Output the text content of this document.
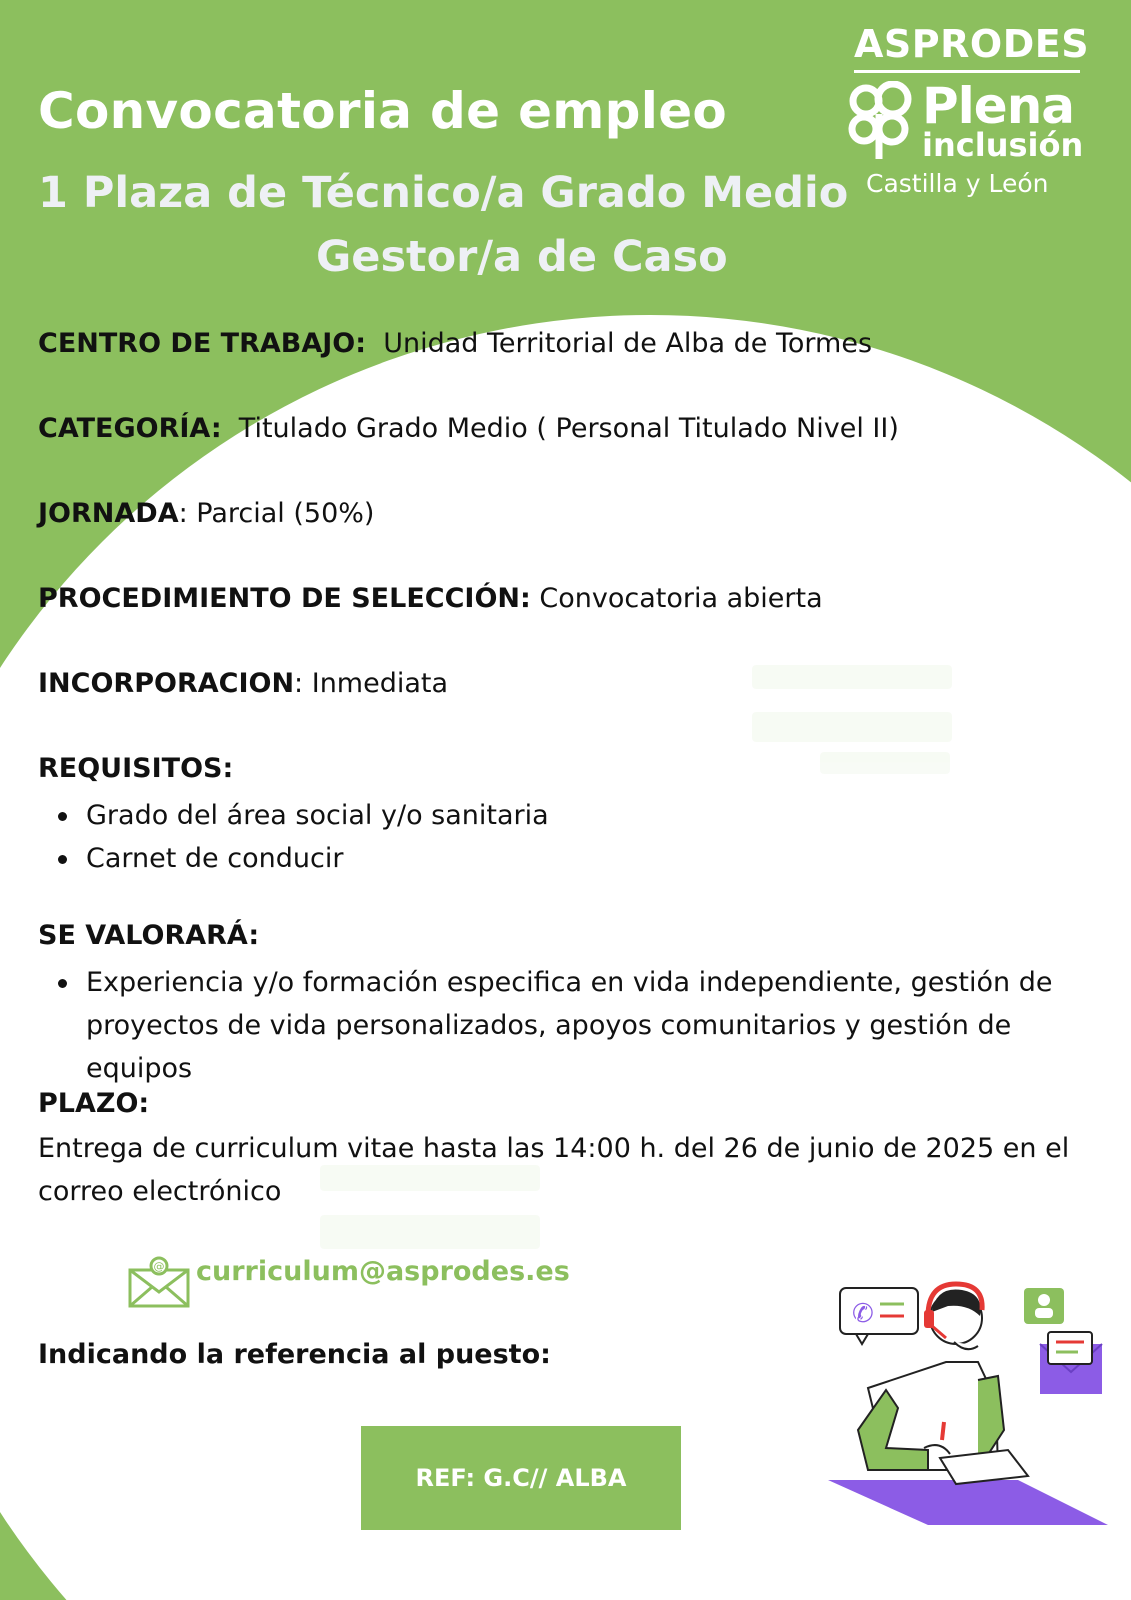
ASPRODES
Plena
inclusión
Castilla y León
Convocatoria de empleo
1 Plaza de Técnico/a Grado Medio
Gestor/a de Caso
CENTRO DE TRABAJO: Unidad Territorial de Alba de Tormes
CATEGORÍA: Titulado Grado Medio ( Personal Titulado Nivel II)
JORNADA: Parcial (50%)
PROCEDIMIENTO DE SELECCIÓN: Convocatoria abierta
INCORPORACION: Inmediata
REQUISITOS:
Grado del área social y/o sanitaria
Carnet de conducir
SE VALORARÁ:
Experiencia y/o formación especifica en vida independiente, gestión de proyectos de vida personalizados, apoyos comunitarios y gestión de equipos
PLAZO:
Entrega de curriculum vitae hasta las 14:00 h. del 26 de junio de 2025 en el correo electrónico
@ curriculum@asprodes.es
Indicando la referencia al puesto:
REF: G.C// ALBA
✆
